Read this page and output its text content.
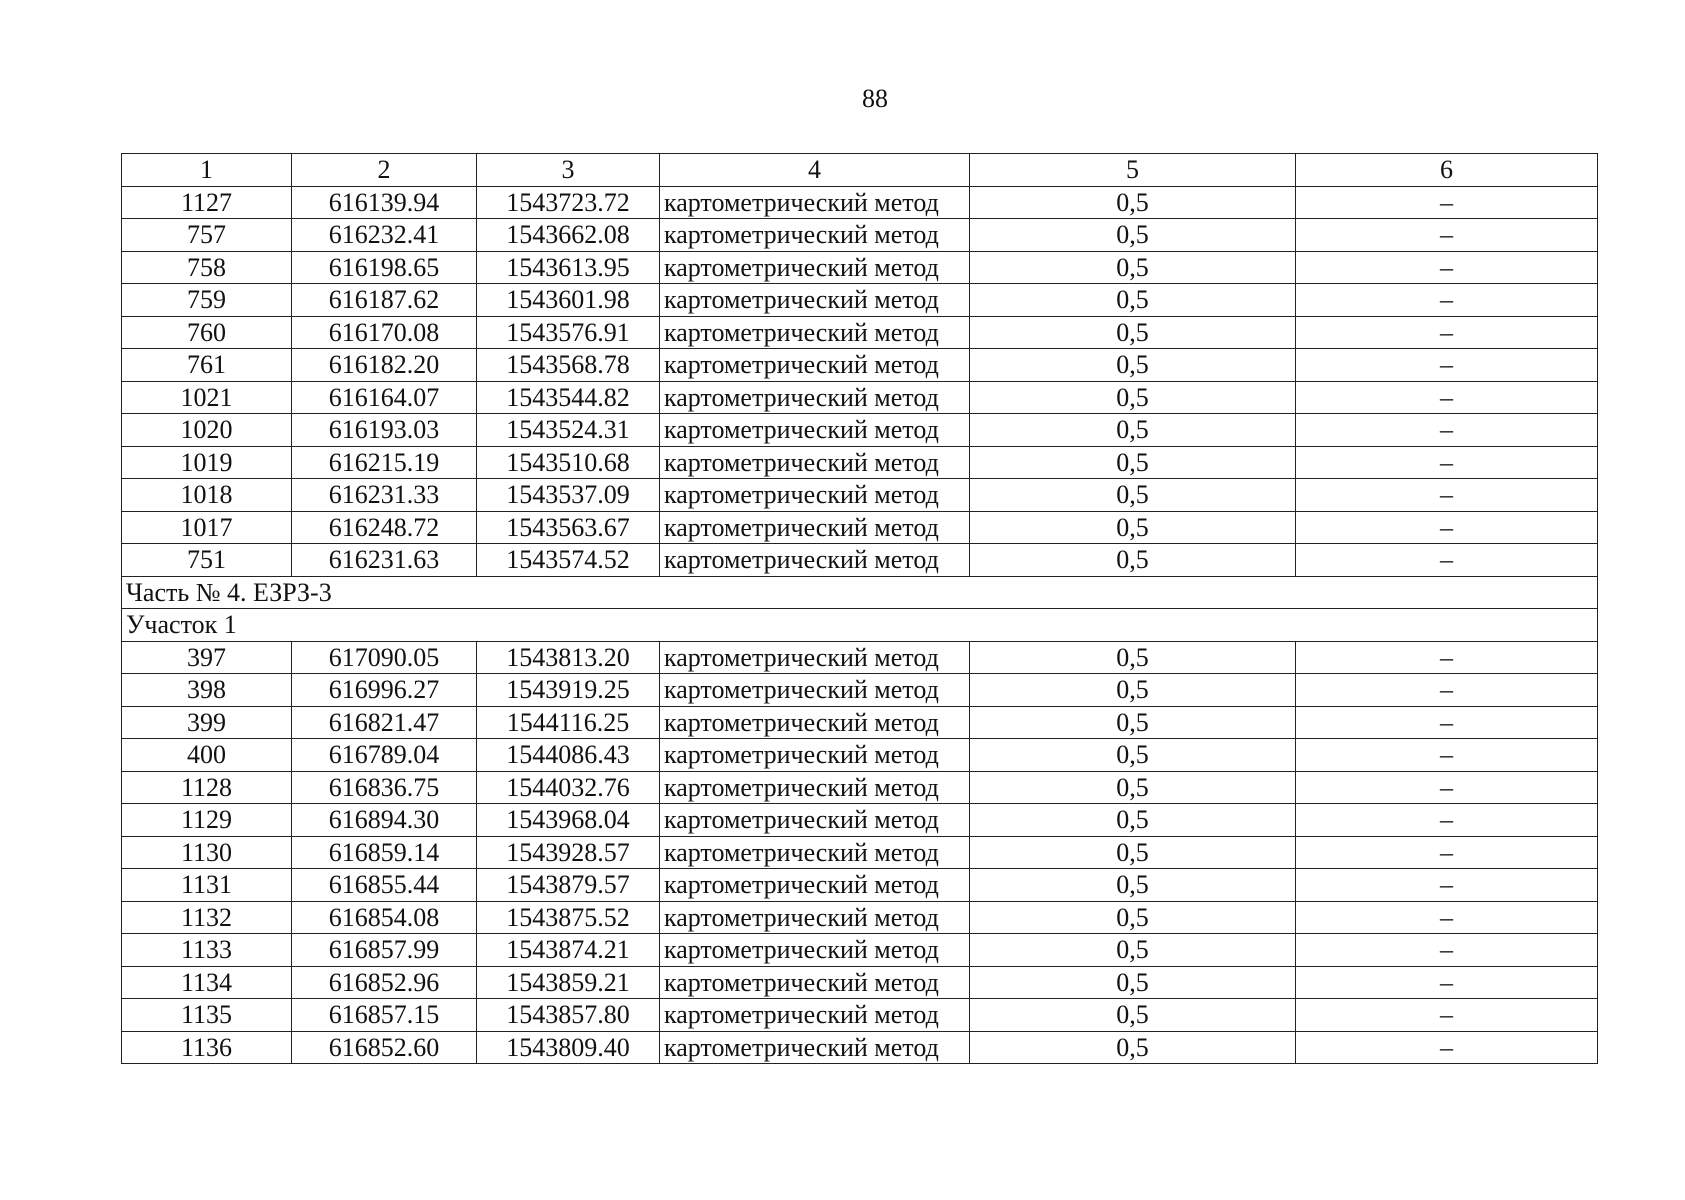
88
1	2	3	4	5	6
1127	616139.94	1543723.72	картометрический метод	0,5	–
757	616232.41	1543662.08	картометрический метод	0,5	–
758	616198.65	1543613.95	картометрический метод	0,5	–
759	616187.62	1543601.98	картометрический метод	0,5	–
760	616170.08	1543576.91	картометрический метод	0,5	–
761	616182.20	1543568.78	картометрический метод	0,5	–
1021	616164.07	1543544.82	картометрический метод	0,5	–
1020	616193.03	1543524.31	картометрический метод	0,5	–
1019	616215.19	1543510.68	картометрический метод	0,5	–
1018	616231.33	1543537.09	картометрический метод	0,5	–
1017	616248.72	1543563.67	картометрический метод	0,5	–
751	616231.63	1543574.52	картометрический метод	0,5	–
Часть № 4. ЕЗРЗ-3					
Участок 1					
397	617090.05	1543813.20	картометрический метод	0,5	–
398	616996.27	1543919.25	картометрический метод	0,5	–
399	616821.47	1544116.25	картометрический метод	0,5	–
400	616789.04	1544086.43	картометрический метод	0,5	–
1128	616836.75	1544032.76	картометрический метод	0,5	–
1129	616894.30	1543968.04	картометрический метод	0,5	–
1130	616859.14	1543928.57	картометрический метод	0,5	–
1131	616855.44	1543879.57	картометрический метод	0,5	–
1132	616854.08	1543875.52	картометрический метод	0,5	–
1133	616857.99	1543874.21	картометрический метод	0,5	–
1134	616852.96	1543859.21	картометрический метод	0,5	–
1135	616857.15	1543857.80	картометрический метод	0,5	–
1136	616852.60	1543809.40	картометрический метод	0,5	–
